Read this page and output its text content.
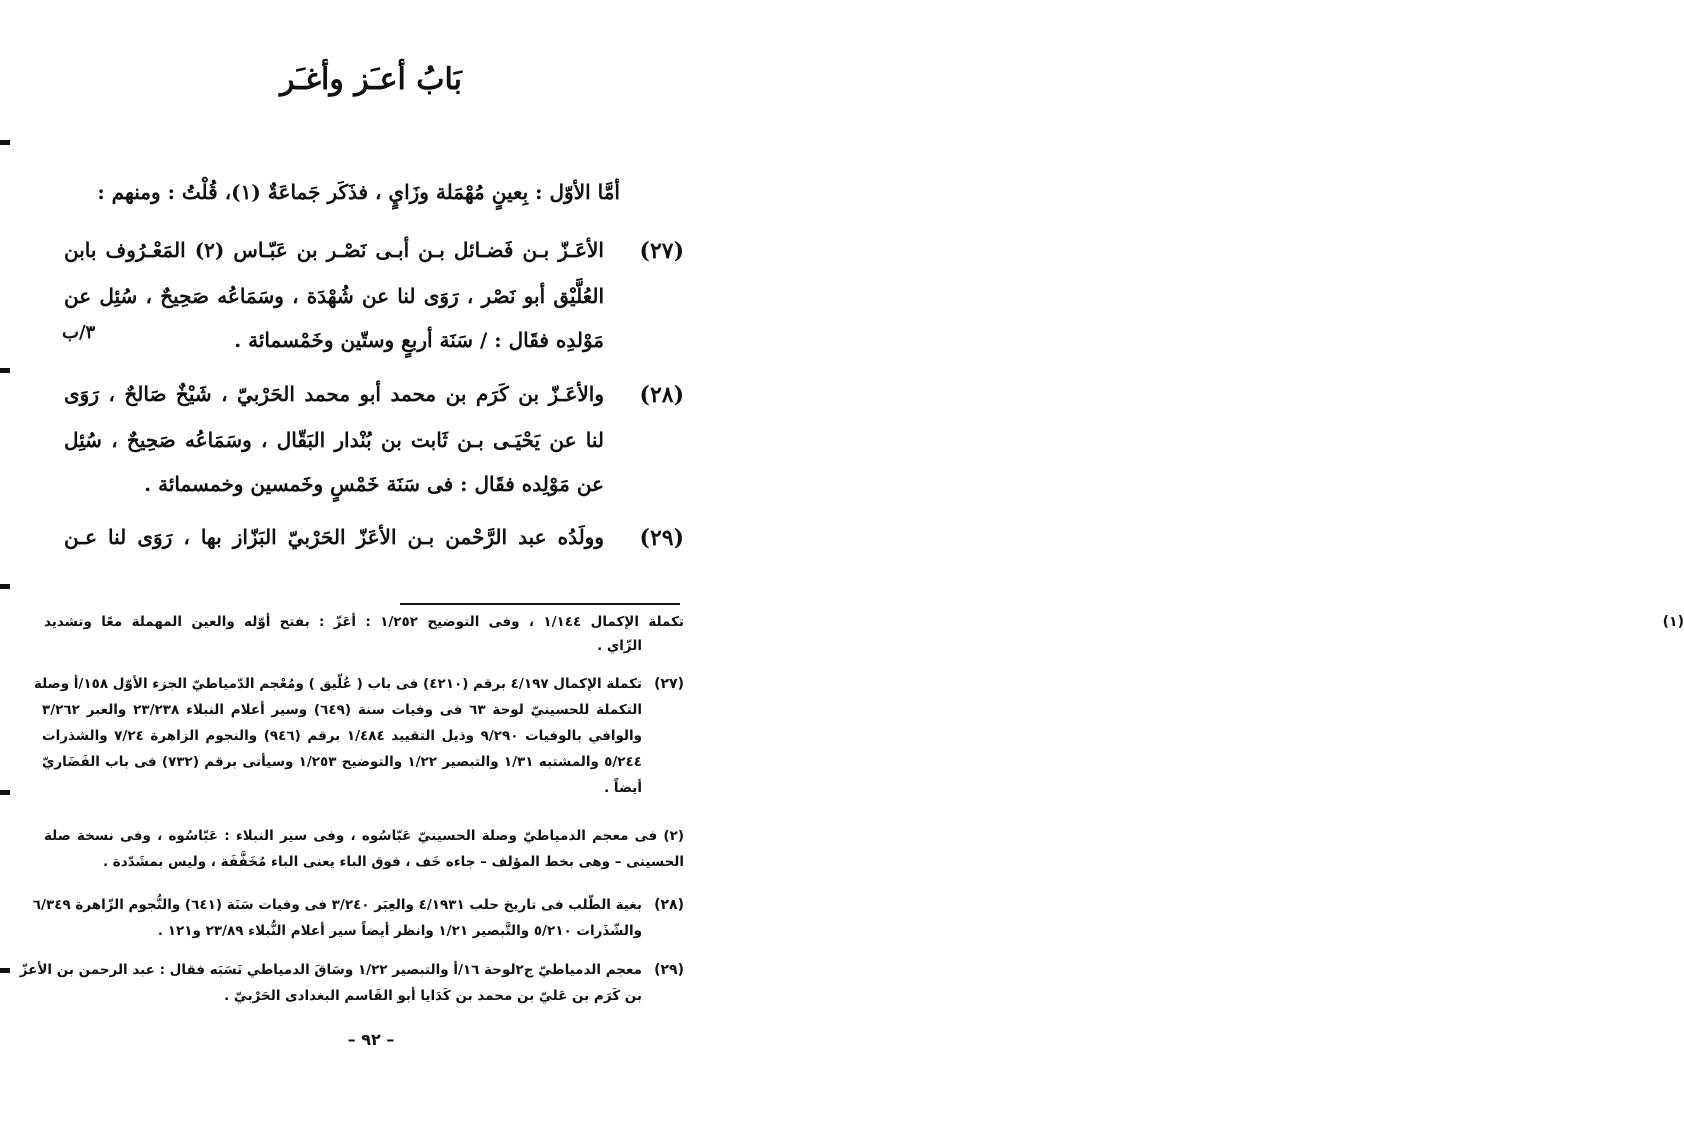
بَابُ أعـَز وأغـَر
أمَّا الأوّل : بِعينٍ مُهْمَلة وزَايٍ ، فذَكَر جَماعَةٌ (١)، قُلْتُ : ومنهم :
٣/ب
(٢٧)
الأعَـزّ بـن فَضـائل بـن أبـى نَصْـر بن عَبّـاس (٢) المَعْـرُوف بابن
العُلَّيْق أبو نَصْر ، رَوَى لنا عن شُهْدَة ، وسَمَاعُه صَحِيحٌ ، سُئِل عن
مَوْلدِه فقَال : / سَنَة أربعٍ وستّين وخَمْسمائة .
(٢٨)
والأعَـزّ بن كَرَم بن محمد أبو محمد الحَرْبيّ ، شَيْخٌ صَالحٌ ، رَوَى
لنا عن يَحْيَـى بـن ثَابت بن بُنْدار البَقّال ، وسَمَاعُه صَحِيحٌ ، سُئِل
عن مَوْلِده فقَال : فى سَنَة خَمْسٍ وخَمسين وخمسمائة .
(٢٩)
وولَدُه عبد الرَّحْمن بـن الأعَزّ الحَرْبيّ البَزّاز بها ، رَوَى لنا عـن
تكملة الإكمال ١/١٤٤ ، وفى التوضيح ١/٢٥٢ : أعَزّ : بفتح أوّله والعين المهملة معًا وتشديد
الزّاي .
(١)
(٢٧)
تكملة الإكمال ٤/١٩٧ برقم (٤٢١٠) فى باب ( عُلّيق ) ومُعْجم الدّمياطيّ الجزء الأوّل ١٥٨/أ وصلة
التكملة للحسينيّ لوحة ٦٣ فى وفيات سنة (٦٤٩) وسير أعلام النبلاء ٢٣/٢٣٨ والعبر ٣/٢٦٢
والوافي بالوفيات ٩/٢٩٠ وذيل التقييد ١/٤٨٤ برقم (٩٤٦) والنجوم الزاهرة ٧/٢٤ والشذرات
٥/٢٤٤ والمشتبه ١/٣١ والتبصير ١/٢٢ والتوضيح ١/٢٥٣ وسيأتى برقم (٧٣٢) فى باب الفَضَاريّ
أيضاً .
(٢) فى معجم الدمياطيّ وصلة الحسينيّ عَبّاسُوه ، وفى سير النبلاء : عَبّاسُوه ، وفى نسخة صلة
الحسينى – وهى بخط المؤلف – جاءه خَف ، فوق الباء يعنى الباء مُخَفَّفَة ، وليس بمشَدّدة .
(٢٨)
بغية الطّلب فى تاريخ حلب ٤/١٩٣١ والعِبَر ٣/٢٤٠ فى وفيات سَنَة (٦٤١) والنُّجوم الزّاهرة ٦/٣٤٩
والشّذَرات ٥/٢١٠ والتَّبصير ١/٢١ وانظر أيضاً سير أعلام النُّبلاء ٢٣/٨٩ و١٢١ .
(٢٩)
معجم الدمياطيّ ج٢لوحة ١٦/أ والتبصير ١/٢٢ وسَاقَ الدمياطي نَسَبَه فقال : عبد الرحمن بن الأعزّ
بن كَرَم بن عَليّ بن محمد بن كَدَايا أبو القَاسم البغدادى الحَرْبيّ .
– ٩٢ –
